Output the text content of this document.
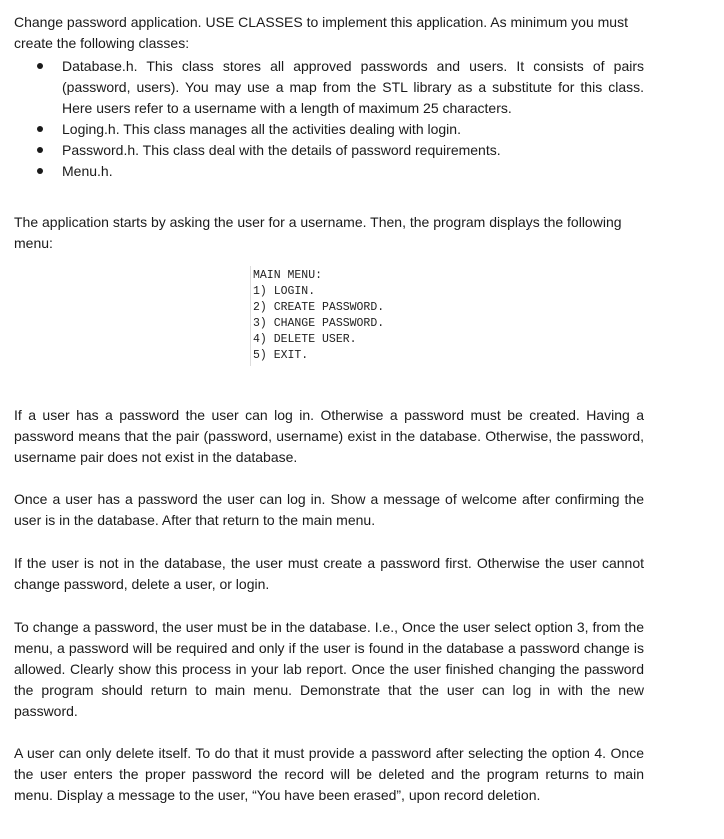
Change password application. USE CLASSES to implement this application. As minimum you must create the following classes:

Database.h. This class stores all approved passwords and users. It consists of pairs (password, users). You may use a map from the STL library as a substitute for this class. Here users refer to a username with a length of maximum 25 characters.
Loging.h. This class manages all the activities dealing with login.
Password.h. This class deal with the details of password requirements.
Menu.h.

The application starts by asking the user for a username. Then, the program displays the following menu:

MAIN MENU:
1) LOGIN.
2) CREATE PASSWORD.
3) CHANGE PASSWORD.
4) DELETE USER.
5) EXIT.

If a user has a password the user can log in. Otherwise a password must be created. Having a password means that the pair (password, username) exist in the database. Otherwise, the password, username pair does not exist in the database.

Once a user has a password the user can log in. Show a message of welcome after confirming the user is in the database. After that return to the main menu.

If the user is not in the database, the user must create a password first. Otherwise the user cannot change password, delete a user, or login.

To change a password, the user must be in the database. I.e., Once the user select option 3, from the menu, a password will be required and only if the user is found in the database a password change is allowed. Clearly show this process in your lab report. Once the user finished changing the password the program should return to main menu. Demonstrate that the user can log in with the new password.

A user can only delete itself. To do that it must provide a password after selecting the option 4. Once the user enters the proper password the record will be deleted and the program returns to main menu. Display a message to the user, “You have been erased”, upon record deletion.
